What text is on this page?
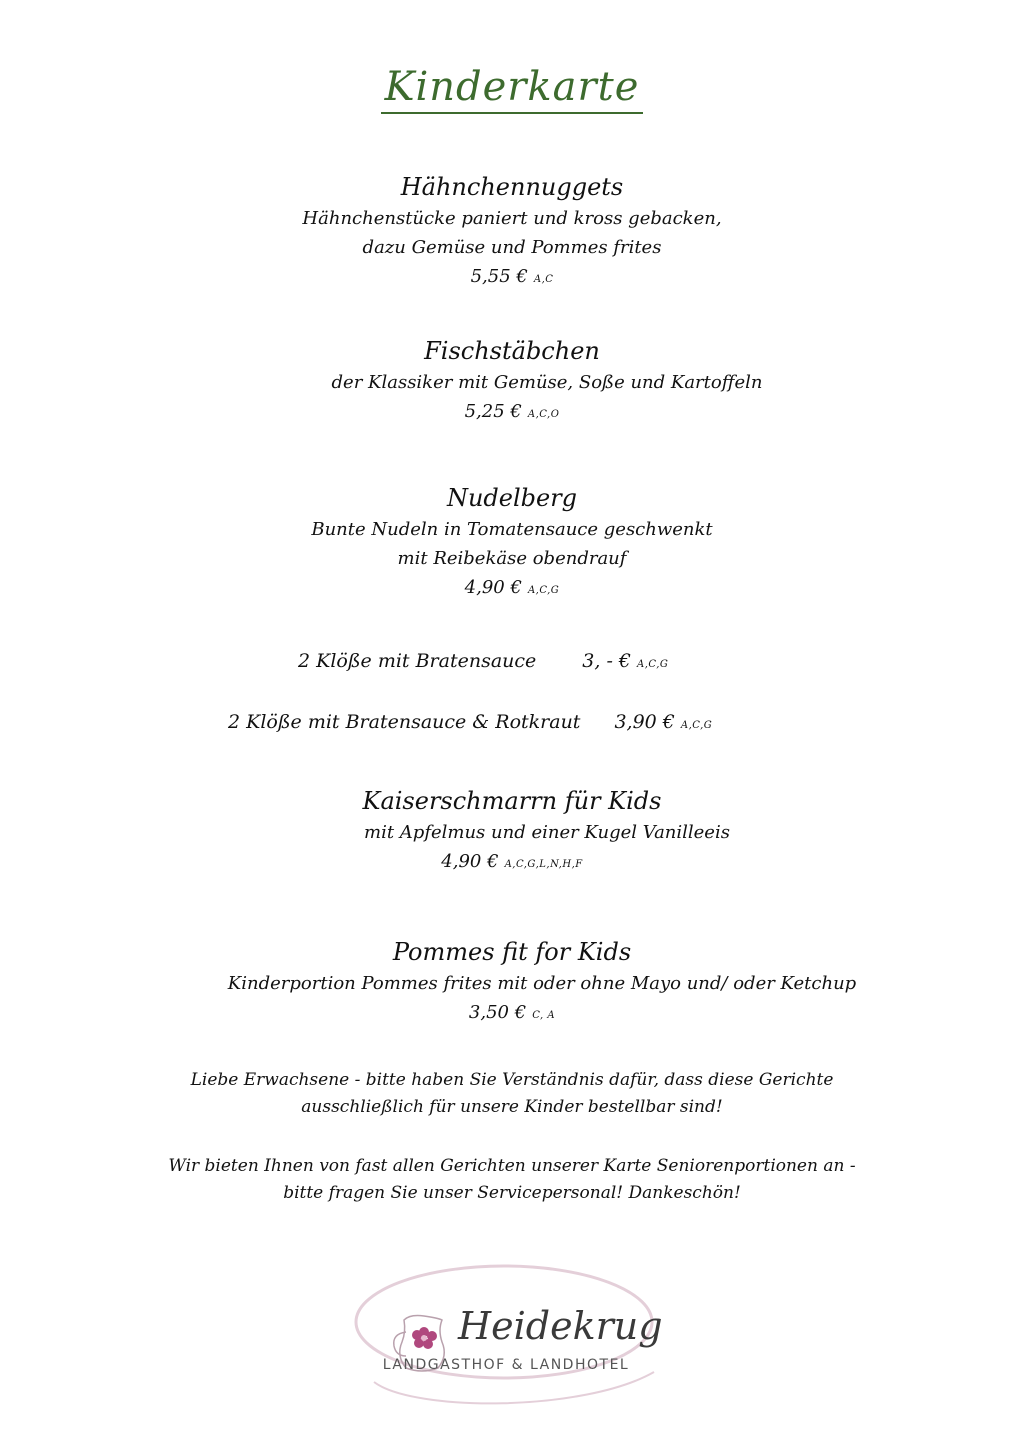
Kinderkarte
Hähnchennuggets
Hähnchenstücke paniert und kross gebacken,
dazu Gemüse und Pommes frites
5,55 € A,C
Fischstäbchen
der Klassiker mit Gemüse, Soße und Kartoffeln
5,25 € A,C,O
Nudelberg
Bunte Nudeln in Tomatensauce geschwenkt
mit Reibekäse obendrauf
4,90 € A,C,G
2 Klöße mit Bratensauce 3, - € A,C,G
2 Klöße mit Bratensauce & Rotkraut 3,90 € A,C,G
Kaiserschmarrn für Kids
mit Apfelmus und einer Kugel Vanilleeis
4,90 € A,C,G,L,N,H,F
Pommes fit for Kids
Kinderportion Pommes frites mit oder ohne Mayo und/ oder Ketchup
3,50 € C, A
Liebe Erwachsene - bitte haben Sie Verständnis dafür, dass diese Gerichte
ausschließlich für unsere Kinder bestellbar sind!
Wir bieten Ihnen von fast allen Gerichten unserer Karte Seniorenportionen an -
bitte fragen Sie unser Servicepersonal! Dankeschön!
Heidekrug
LANDGASTHOF & LANDHOTEL
